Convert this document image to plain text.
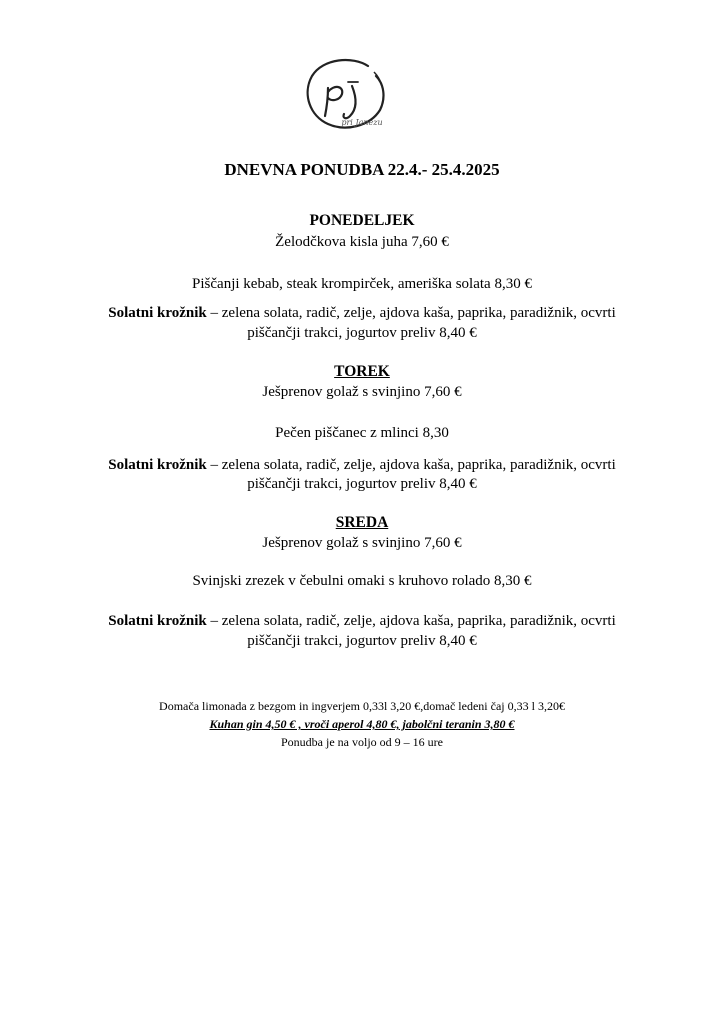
pri Janezu
DNEVNA PONUDBA 22.4.- 25.4.2025
PONEDELJEK
Želodčkova kisla juha 7,60 €
Piščanji kebab, steak krompirček, ameriška solata 8,30 €
Solatni krožnik – zelena solata, radič, zelje, ajdova kaša, paprika, paradižnik, ocvrti
piščančji trakci, jogurtov preliv 8,40 €
TOREK
Ješprenov golaž s svinjino 7,60 €
Pečen piščanec z mlinci 8,30
Solatni krožnik – zelena solata, radič, zelje, ajdova kaša, paprika, paradižnik, ocvrti
piščančji trakci, jogurtov preliv 8,40 €
SREDA
Ješprenov golaž s svinjino 7,60 €
Svinjski zrezek v čebulni omaki s kruhovo rolado 8,30 €
Solatni krožnik – zelena solata, radič, zelje, ajdova kaša, paprika, paradižnik, ocvrti
piščančji trakci, jogurtov preliv 8,40 €
Domača limonada z bezgom in ingverjem 0,33l 3,20 €,domač ledeni čaj 0,33 l 3,20€
Kuhan gin 4,50 € , vroči aperol 4,80 €, jabolčni teranin 3,80 €
Ponudba je na voljo od 9 – 16 ure
